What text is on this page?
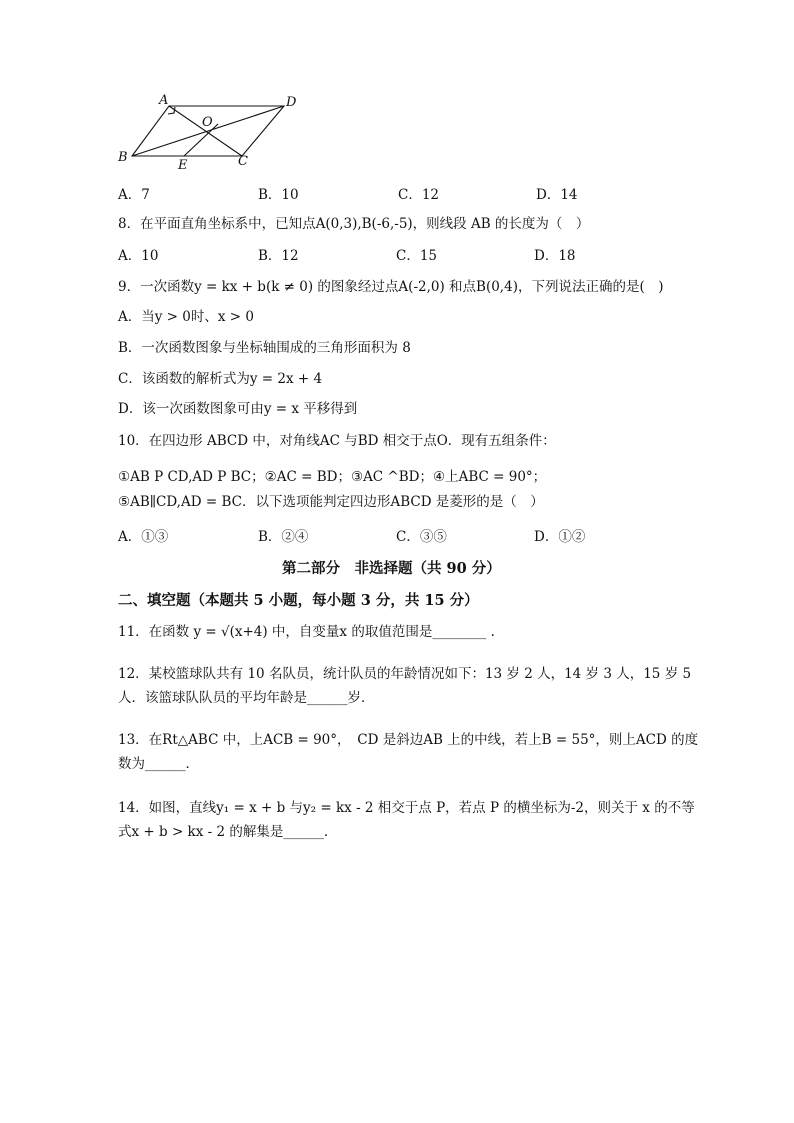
A	D
O
B
E	C
A．7	B．10	C．12	D．14
8．在平面直角坐标系中，已知点A(0,3),B(-6,-5)，则线段 AB 的长度为（　）
A．10	B．12	C．15	D．18
9．一次函数y = kx + b(k ≠ 0) 的图象经过点A(-2,0) 和点B(0,4)，下列说法正确的是(　)
A．当y > 0时、x > 0
B．一次函数图象与坐标轴围成的三角形面积为 8
C．该函数的解析式为y = 2x + 4
D．该一次函数图象可由y = x 平移得到
10．在四边形 ABCD 中，对角线AC 与BD 相交于点O．现有五组条件：
①AB P CD,AD P BC；②AC = BD；③AC ^BD；④上ABC = 90°；
⑤AB∥CD,AD = BC．以下选项能判定四边形ABCD 是菱形的是（　）
A．①③	B．②④	C．③⑤	D．①②
第二部分　非选择题（共 90 分）
二、填空题（本题共 5 小题，每小题 3 分，共 15 分）
11．在函数 y = √(x+4) 中，自变量x 的取值范围是________ .
12．某校篮球队共有 10 名队员，统计队员的年龄情况如下：13 岁 2 人，14 岁 3 人，15 岁 5
人．该篮球队队员的平均年龄是______岁．
13．在Rt△ABC 中，上ACB = 90°，　CD 是斜边AB 上的中线，若上B = 55°，则上ACD 的度
数为______．
14．如图，直线y₁ = x + b 与y₂ = kx - 2 相交于点 P，若点 P 的横坐标为-2，则关于 x 的不等
式x + b > kx - 2 的解集是______．
